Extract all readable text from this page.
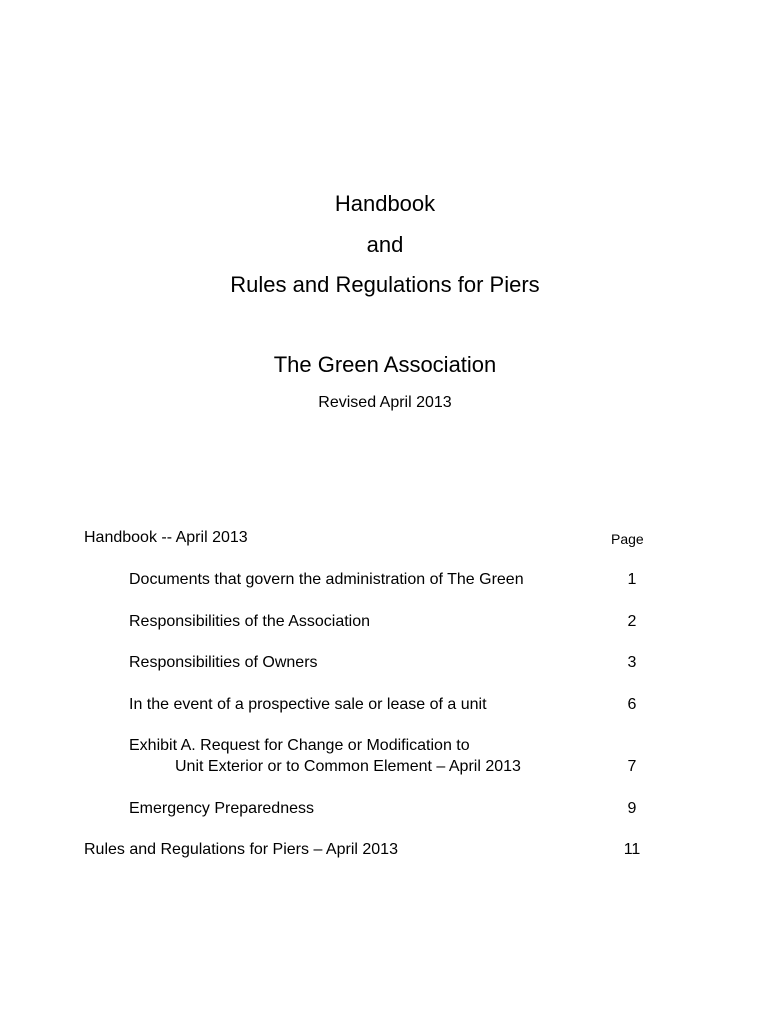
Handbook
and
Rules and Regulations for Piers
The Green Association
Revised April 2013
Handbook -- April 2013	Page
Documents that govern the administration of The Green	1
Responsibilities of the Association	2
Responsibilities of Owners	3
In the event of a prospective sale or lease of a unit	6
Exhibit A. Request for Change or Modification to
Unit Exterior or to Common Element – April 2013	7
Emergency Preparedness	9
Rules and Regulations for Piers – April 2013	11
